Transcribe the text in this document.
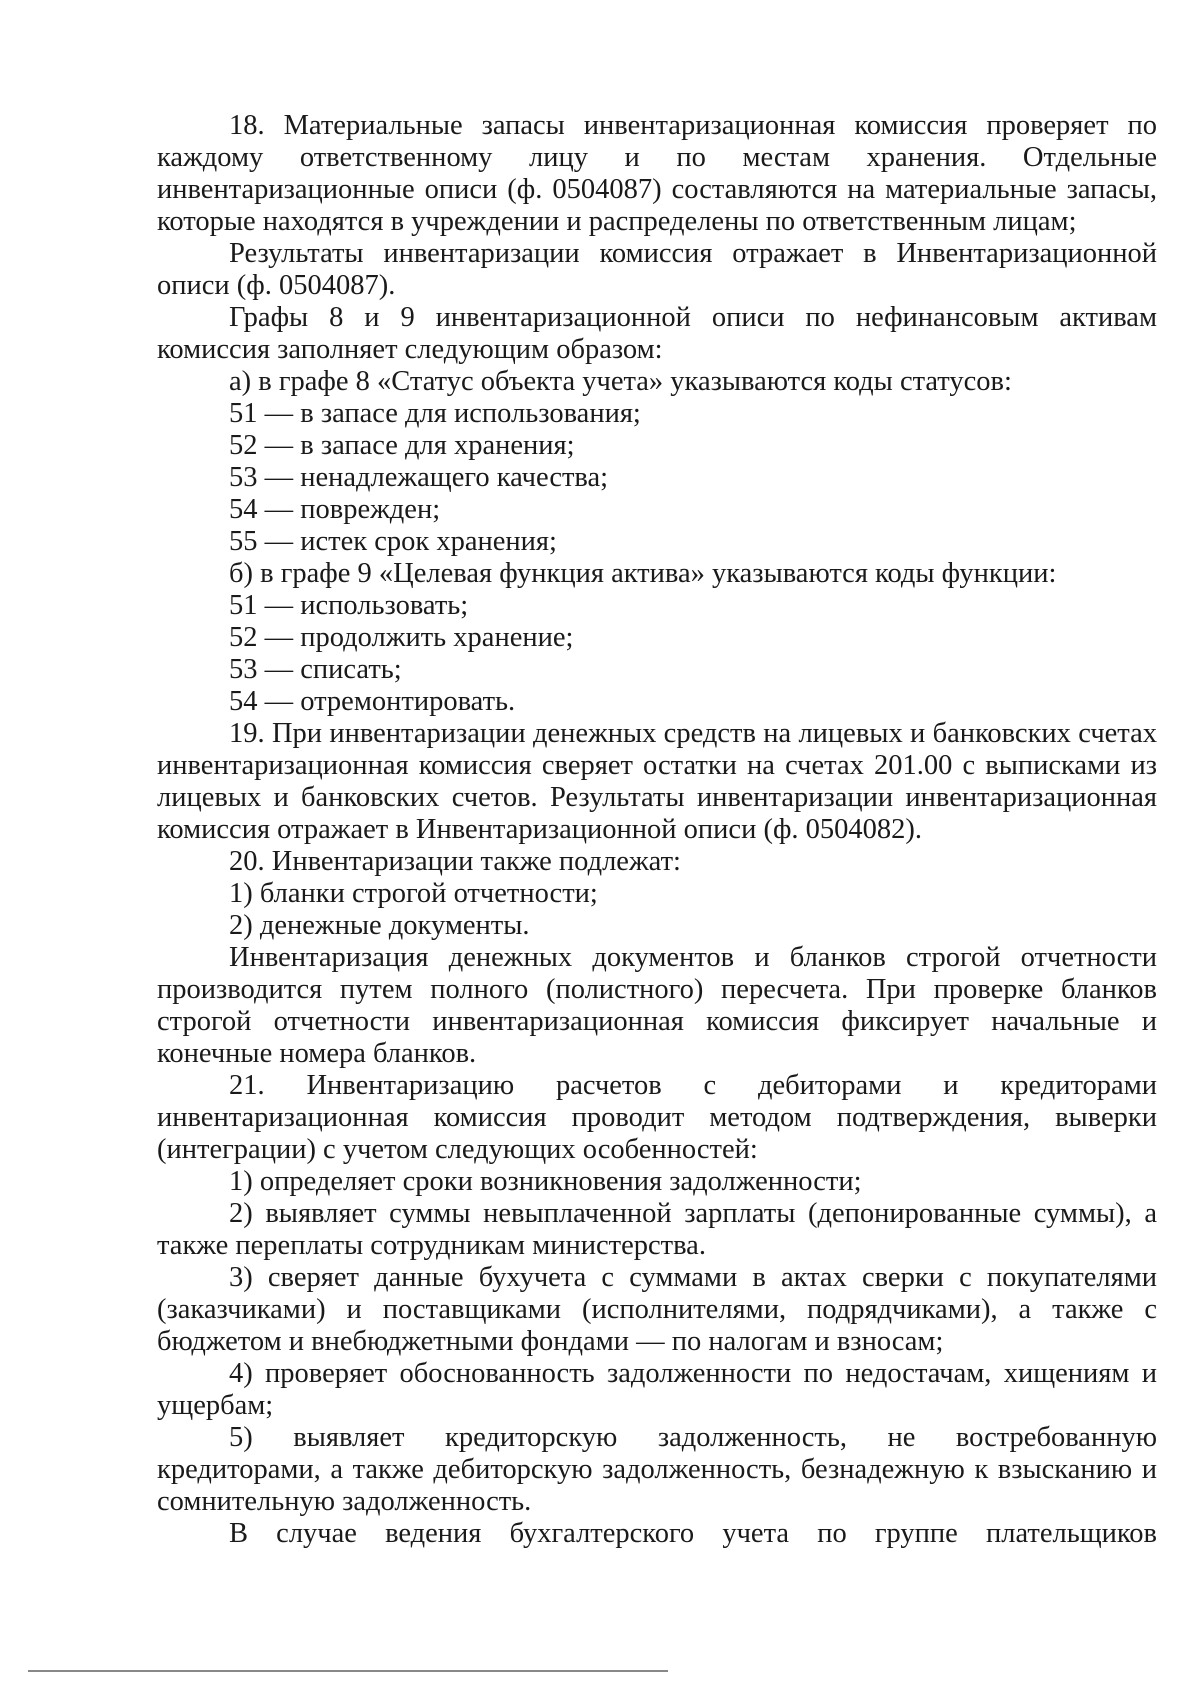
18. Материальные запасы инвентаризационная комиссия проверяет по каждому ответственному лицу и по местам хранения. Отдельные инвентаризационные описи (ф. 0504087) составляются на материальные запасы, которые находятся в учреждении и распределены по ответственным лицам;

Результаты инвентаризации комиссия отражает в Инвентаризационной описи (ф. 0504087).

Графы 8 и 9 инвентаризационной описи по нефинансовым активам комиссия заполняет следующим образом:

а) в графе 8 «Статус объекта учета» указываются коды статусов:

51 — в запасе для использования;

52 — в запасе для хранения;

53 — ненадлежащего качества;

54 — поврежден;

55 — истек срок хранения;

б) в графе 9 «Целевая функция актива» указываются коды функции:

51 — использовать;

52 — продолжить хранение;

53 — списать;

54 — отремонтировать.

19. При инвентаризации денежных средств на лицевых и банковских счетах инвентаризационная комиссия сверяет остатки на счетах 201.00 с выписками из лицевых и банковских счетов. Результаты инвентаризации инвентаризационная комиссия отражает в Инвентаризационной описи (ф. 0504082).

20. Инвентаризации также подлежат:

1) бланки строгой отчетности;

2) денежные документы.

Инвентаризация денежных документов и бланков строгой отчетности производится путем полного (полистного) пересчета. При проверке бланков строгой отчетности инвентаризационная комиссия фиксирует начальные и конечные номера бланков.

21. Инвентаризацию расчетов с дебиторами и кредиторами инвентаризационная комиссия проводит методом подтверждения, выверки (интеграции) с учетом следующих особенностей:

1) определяет сроки возникновения задолженности;

2) выявляет суммы невыплаченной зарплаты (депонированные суммы), а также переплаты сотрудникам министерства.

3) сверяет данные бухучета с суммами в актах сверки с покупателями (заказчиками) и поставщиками (исполнителями, подрядчиками), а также с бюджетом и внебюджетными фондами — по налогам и взносам;

4) проверяет обоснованность задолженности по недостачам, хищениям и ущербам;

5) выявляет кредиторскую задолженность, не востребованную кредиторами, а также дебиторскую задолженность, безнадежную к взысканию и сомнительную задолженность.

В случае ведения бухгалтерского учета по группе плательщиков
